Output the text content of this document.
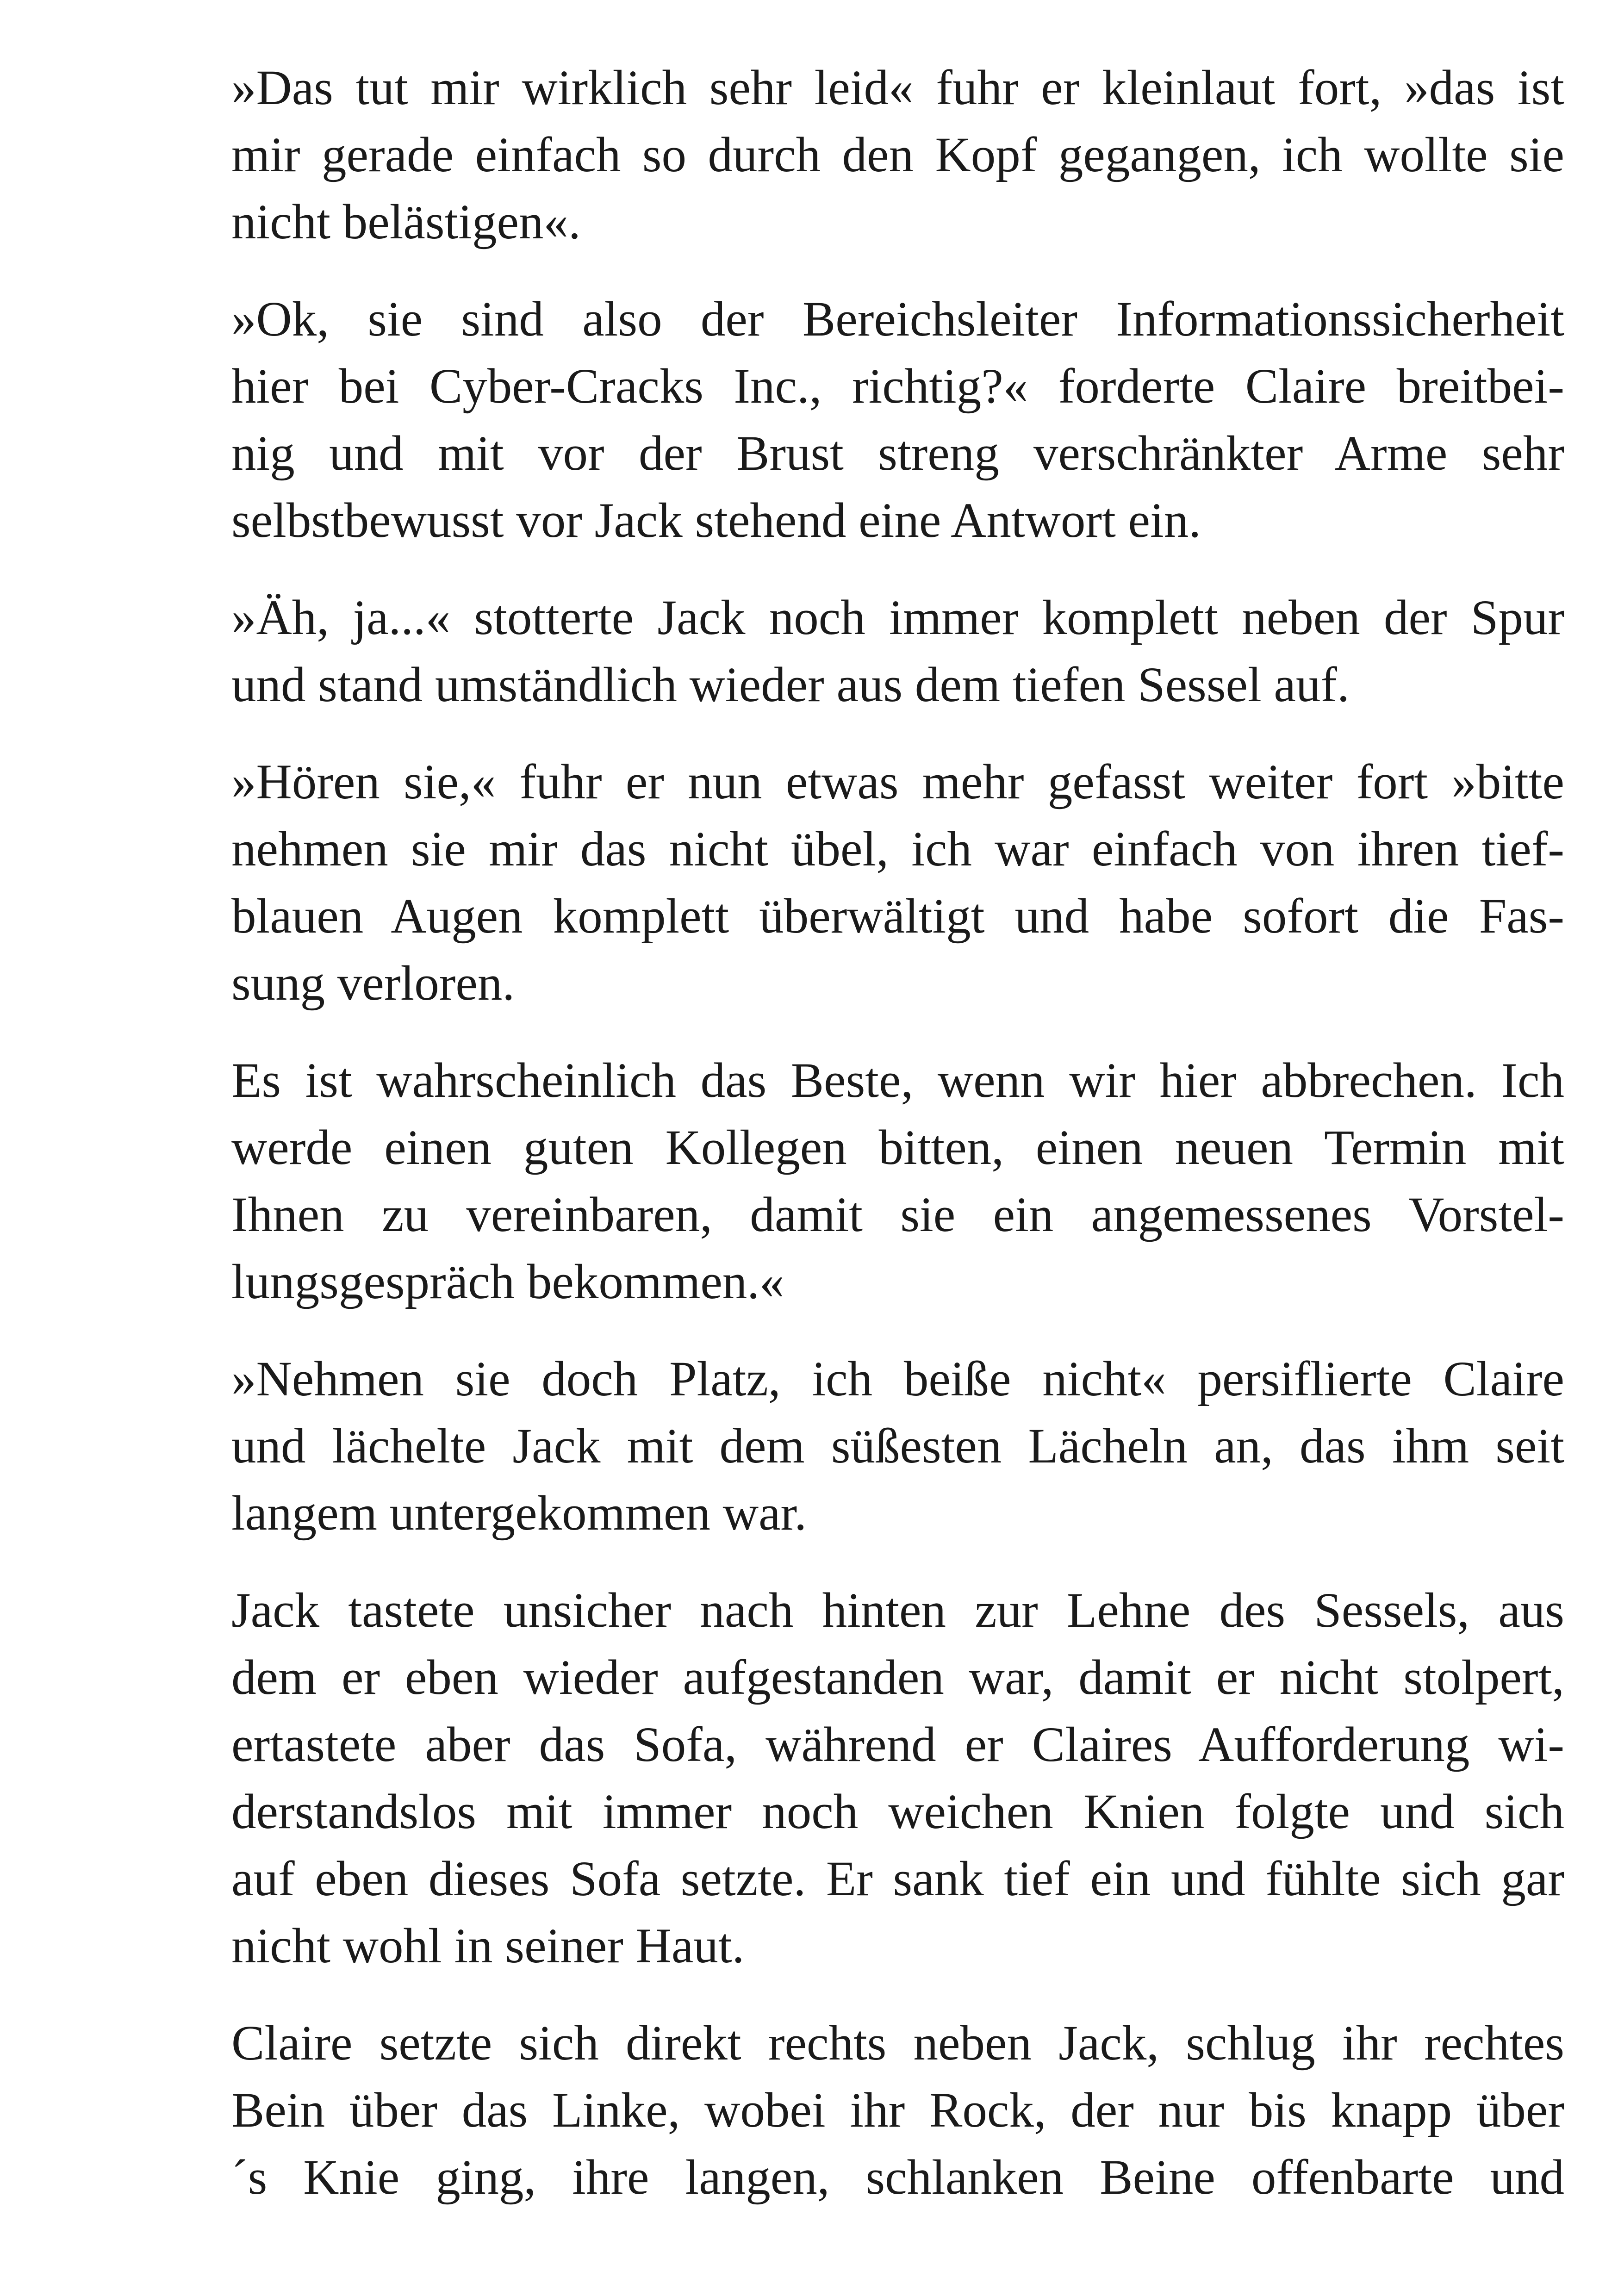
»Das tut mir wirklich sehr leid« fuhr er kleinlaut fort, »das ist
mir gerade einfach so durch den Kopf gegangen, ich wollte sie
nicht belästigen«.
»Ok, sie sind also der Bereichsleiter Informationssicherheit
hier bei Cyber-Cracks Inc., richtig?« forderte Claire breitbei-
nig und mit vor der Brust streng verschränkter Arme sehr
selbstbewusst vor Jack stehend eine Antwort ein.
»Äh, ja...« stotterte Jack noch immer komplett neben der Spur
und stand umständlich wieder aus dem tiefen Sessel auf.
»Hören sie,« fuhr er nun etwas mehr gefasst weiter fort »bitte
nehmen sie mir das nicht übel, ich war einfach von ihren tief-
blauen Augen komplett überwältigt und habe sofort die Fas-
sung verloren.
Es ist wahrscheinlich das Beste, wenn wir hier abbrechen. Ich
werde einen guten Kollegen bitten, einen neuen Termin mit
Ihnen zu vereinbaren, damit sie ein angemessenes Vorstel-
lungsgespräch bekommen.«
»Nehmen sie doch Platz, ich beiße nicht« persiflierte Claire
und lächelte Jack mit dem süßesten Lächeln an, das ihm seit
langem untergekommen war.
Jack tastete unsicher nach hinten zur Lehne des Sessels, aus
dem er eben wieder aufgestanden war, damit er nicht stolpert,
ertastete aber das Sofa, während er Claires Aufforderung wi-
derstandslos mit immer noch weichen Knien folgte und sich
auf eben dieses Sofa setzte. Er sank tief ein und fühlte sich gar
nicht wohl in seiner Haut.
Claire setzte sich direkt rechts neben Jack, schlug ihr rechtes
Bein über das Linke, wobei ihr Rock, der nur bis knapp über
´s Knie ging, ihre langen, schlanken Beine offenbarte und
